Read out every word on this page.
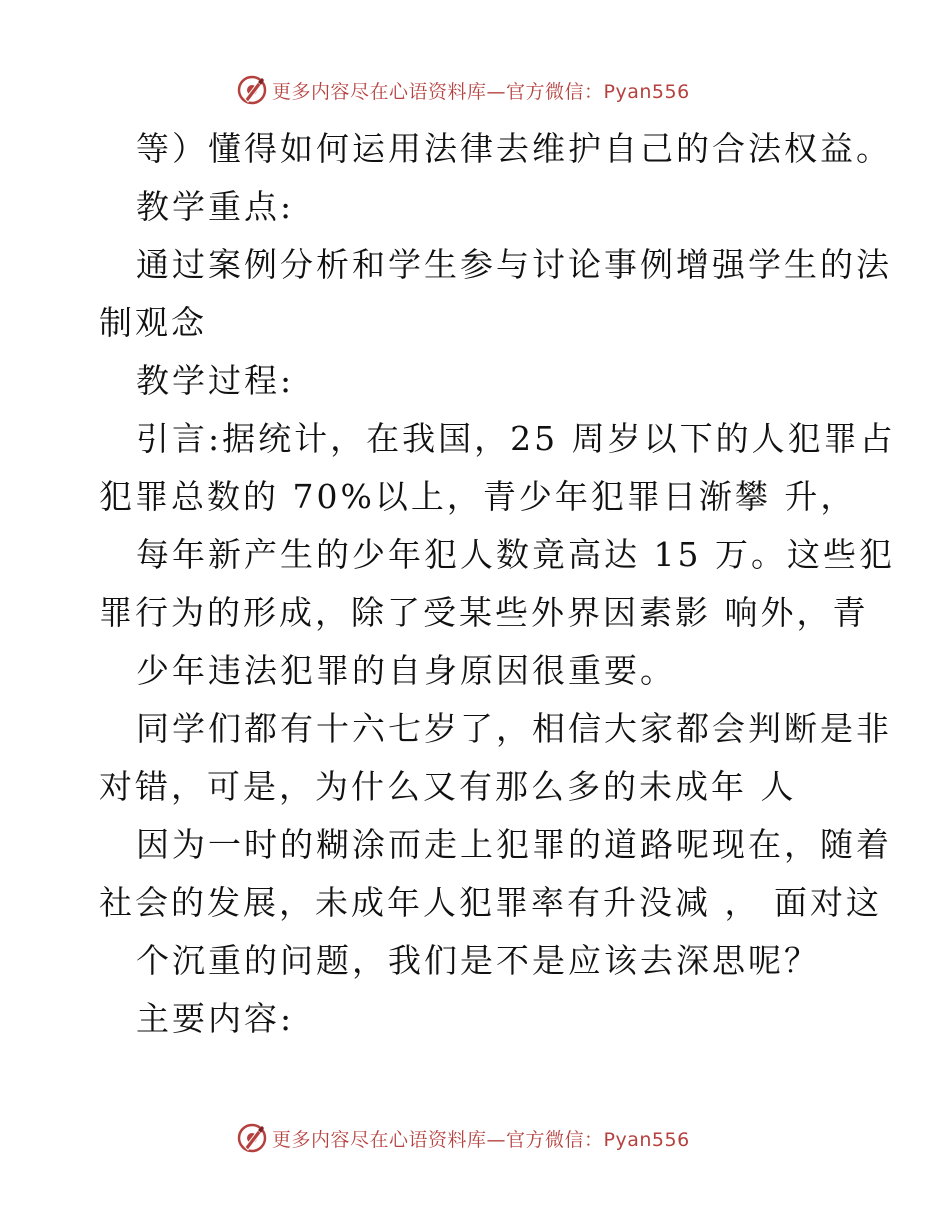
更多内容尽在心语资料库—官方微信：Pyan556
等）懂得如何运用法律去维护自己的合法权益。
教学重点:
通过案例分析和学生参与讨论事例增强学生的法
制观念
教学过程:
引言:据统计，在我国，25 周岁以下的人犯罪占
犯罪总数的 70%以上，青少年犯罪日渐攀 升，
每年新产生的少年犯人数竟高达 15 万。这些犯
罪行为的形成，除了受某些外界因素影 响外，青
少年违法犯罪的自身原因很重要。
同学们都有十六七岁了，相信大家都会判断是非
对错，可是，为什么又有那么多的未成年 人
因为一时的糊涂而走上犯罪的道路呢现在，随着
社会的发展，未成年人犯罪率有升没减 ， 面对这
个沉重的问题，我们是不是应该去深思呢？
主要内容:
更多内容尽在心语资料库—官方微信：Pyan556
